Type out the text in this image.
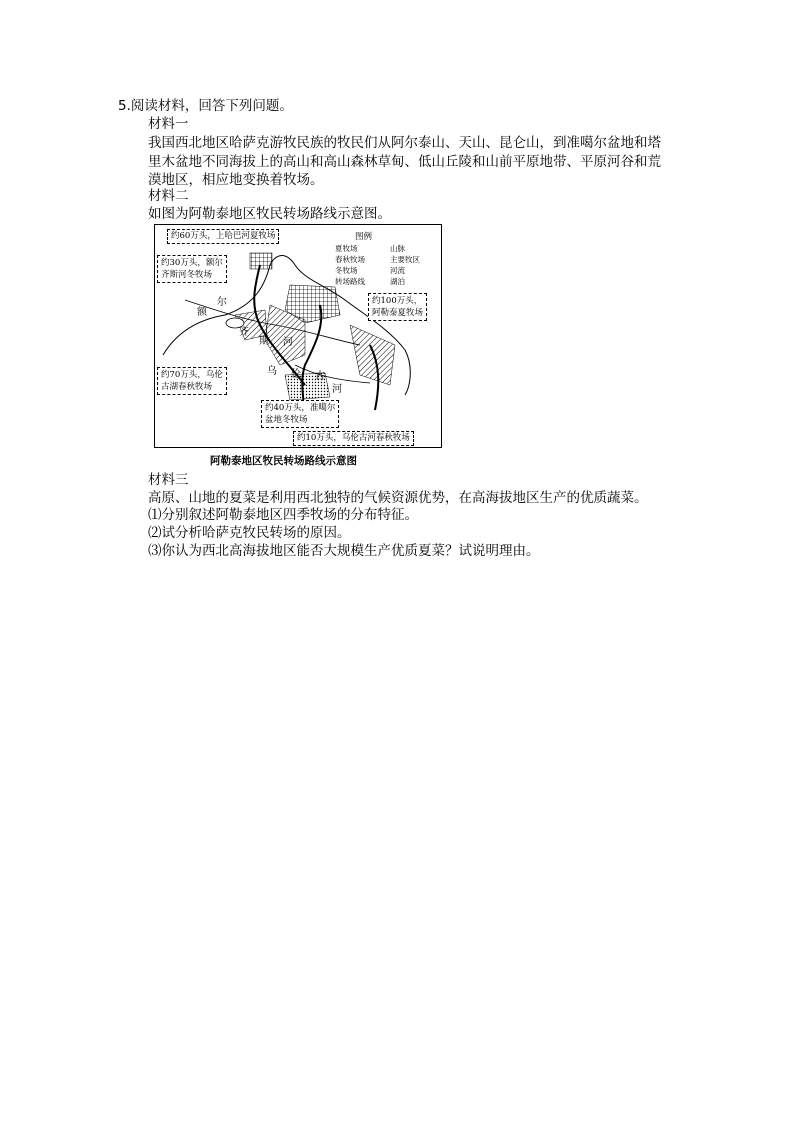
5.阅读材料，回答下列问题。
材料一
我国西北地区哈萨克游牧民族的牧民们从阿尔泰山、天山、昆仑山，到准噶尔盆地和塔
里木盆地不同海拔上的高山和高山森林草甸、低山丘陵和山前平原地带、平原河谷和荒
漠地区，相应地变换着牧场。
材料二
如图为阿勒泰地区牧民转场路线示意图。
图例
夏牧场	山脉
春秋牧场	主要牧区
冬牧场	河流
转场路线	湖泊
约60万头，上哈巴河夏牧场
约30万头，额尔
齐斯河冬牧场
约100万头，
阿勒泰夏牧场
约70万头，乌伦
古湖春秋牧场
约40万头，准噶尔
盆地冬牧场
约10万头，乌伦古河春秋牧场
额
尔
齐
斯 河
乌 伦 古
河
阿勒泰地区牧民转场路线示意图
材料三
高原、山地的夏菜是利用西北独特的气候资源优势，在高海拔地区生产的优质蔬菜。
⑴分别叙述阿勒泰地区四季牧场的分布特征。
⑵试分析哈萨克牧民转场的原因。
⑶你认为西北高海拔地区能否大规模生产优质夏菜？试说明理由。
